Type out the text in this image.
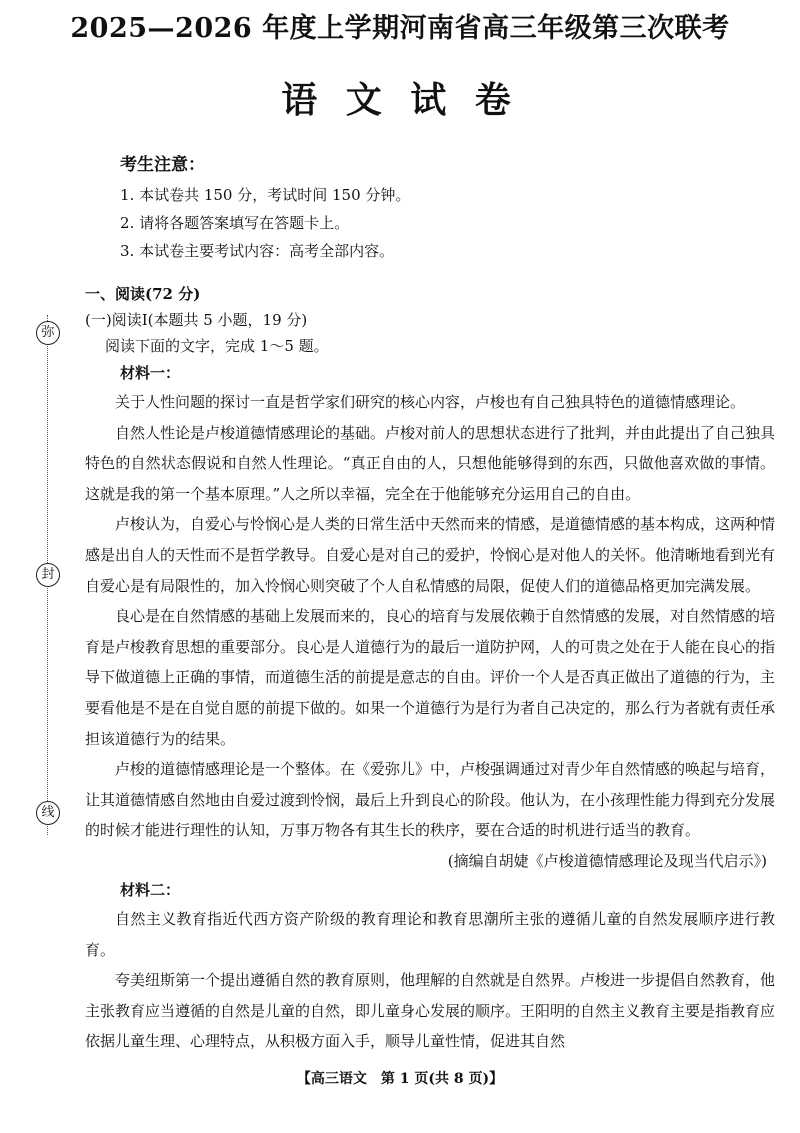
弥
封
线
2025—2026 年度上学期河南省高三年级第三次联考
语 文 试 卷
考生注意：
1. 本试卷共 150 分，考试时间 150 分钟。
2. 请将各题答案填写在答题卡上。
3. 本试卷主要考试内容：高考全部内容。
一、阅读(72 分)
(一)阅读Ⅰ(本题共 5 小题，19 分)
阅读下面的文字，完成 1～5 题。
材料一：

关于人性问题的探讨一直是哲学家们研究的核心内容，卢梭也有自己独具特色的道德情感理论。

自然人性论是卢梭道德情感理论的基础。卢梭对前人的思想状态进行了批判，并由此提出了自己独具特色的自然状态假说和自然人性理论。“真正自由的人，只想他能够得到的东西，只做他喜欢做的事情。这就是我的第一个基本原理。”人之所以幸福，完全在于他能够充分运用自己的自由。

卢梭认为，自爱心与怜悯心是人类的日常生活中天然而来的情感，是道德情感的基本构成，这两种情感是出自人的天性而不是哲学教导。自爱心是对自己的爱护，怜悯心是对他人的关怀。他清晰地看到光有自爱心是有局限性的，加入怜悯心则突破了个人自私情感的局限，促使人们的道德品格更加完满发展。

良心是在自然情感的基础上发展而来的，良心的培育与发展依赖于自然情感的发展，对自然情感的培育是卢梭教育思想的重要部分。良心是人道德行为的最后一道防护网，人的可贵之处在于人能在良心的指导下做道德上正确的事情，而道德生活的前提是意志的自由。评价一个人是否真正做出了道德的行为，主要看他是不是在自觉自愿的前提下做的。如果一个道德行为是行为者自己决定的，那么行为者就有责任承担该道德行为的结果。

卢梭的道德情感理论是一个整体。在《爱弥儿》中，卢梭强调通过对青少年自然情感的唤起与培育，让其道德情感自然地由自爱过渡到怜悯，最后上升到良心的阶段。他认为，在小孩理性能力得到充分发展的时候才能进行理性的认知，万事万物各有其生长的秩序，要在合适的时机进行适当的教育。

(摘编自胡婕《卢梭道德情感理论及现当代启示》)
材料二：

自然主义教育指近代西方资产阶级的教育理论和教育思潮所主张的遵循儿童的自然发展顺序进行教育。

夸美纽斯第一个提出遵循自然的教育原则，他理解的自然就是自然界。卢梭进一步提倡自然教育，他主张教育应当遵循的自然是儿童的自然，即儿童身心发展的顺序。王阳明的自然主义教育主要是指教育应依据儿童生理、心理特点，从积极方面入手，顺导儿童性情，促进其自然

【高三语文　第 1 页(共 8 页)】
